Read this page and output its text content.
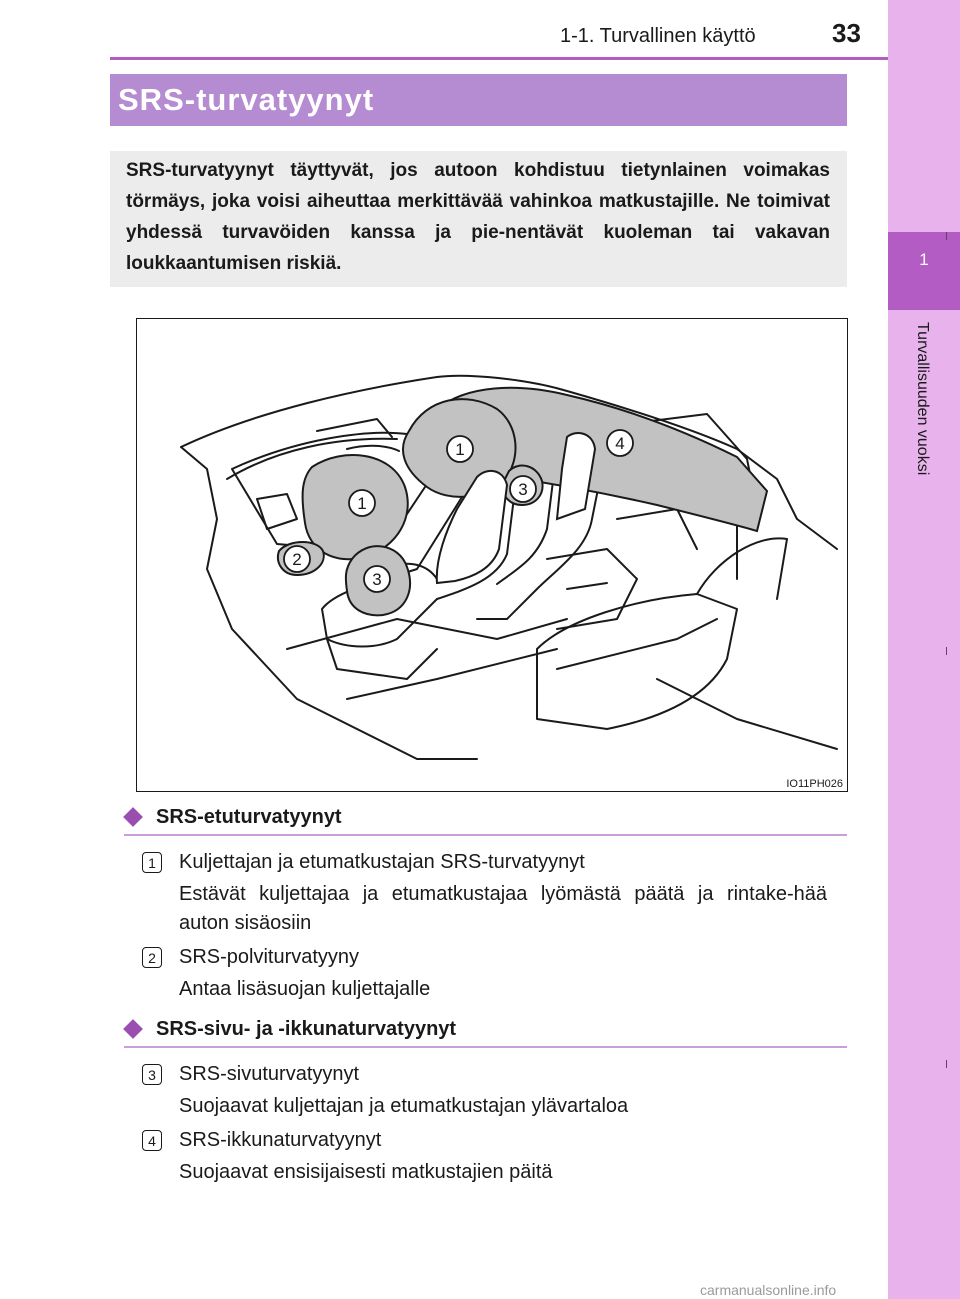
1
Turvallisuuden vuoksi
1-1. Turvallinen käyttö	33
SRS-turvatyynyt

SRS-turvatyynyt täyttyvät, jos autoon kohdistuu tietynlainen voimakas törmäys, joka voisi aiheuttaa merkittävää vahinkoa matkustajille. Ne toimivat yhdessä turvavöiden kanssa ja pie-nentävät kuoleman tai vakavan loukkaantumisen riskiä.

1
1
2
3
3
4
IO11PH026
SRS-etuturvatyynyt
1	Kuljettajan ja etumatkustajan SRS-turvatyynyt
Estävät kuljettajaa ja etumatkustajaa lyömästä päätä ja rintake-hää auton sisäosiin
2	SRS-polviturvatyyny
Antaa lisäsuojan kuljettajalle
SRS-sivu- ja -ikkunaturvatyynyt
3	SRS-sivuturvatyynyt
Suojaavat kuljettajan ja etumatkustajan ylävartaloa
4	SRS-ikkunaturvatyynyt
Suojaavat ensisijaisesti matkustajien päitä
carmanualsonline.info
